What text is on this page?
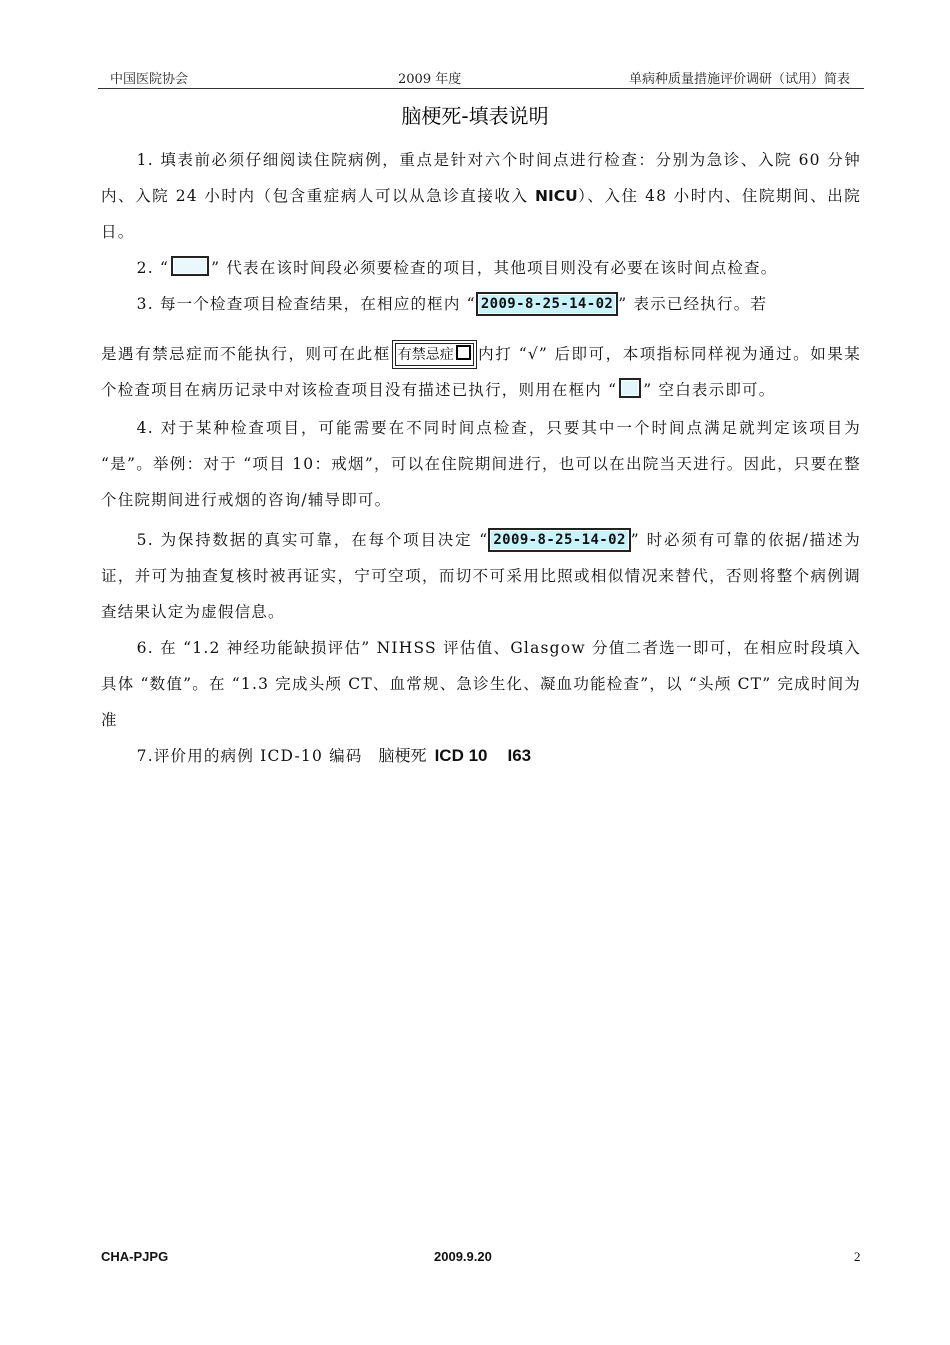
中国医院协会	2009 年度	单病种质量措施评价调研（试用）简表
脑梗死-填表说明

1. 填表前必须仔细阅读住院病例，重点是针对六个时间点进行检查：分别为急诊、入院 60 分钟内、入院 24 小时内（包含重症病人可以从急诊直接收入 NICU）、入住 48 小时内、住院期间、出院日。

2. “	” 代表在该时间段必须要检查的项目，其他项目则没有必要在该时间点检查。

3. 每一个检查项目检查结果，在相应的框内 “ 2009-8-25-14-02 ” 表示已经执行。若
是遇有禁忌症而不能执行，则可在此框 有禁忌症 内打 “√” 后即可，本项指标同样视为通过。如果某个检查项目在病历记录中对该检查项目没有描述已执行，则用在框内 “ ” 空白表示即可。

4. 对于某种检查项目，可能需要在不同时间点检查，只要其中一个时间点满足就判定该项目为 “是”。举例：对于 “项目 10：戒烟”，可以在住院期间进行，也可以在出院当天进行。因此，只要在整个住院期间进行戒烟的咨询/辅导即可。

5. 为保持数据的真实可靠，在每个项目决定 “ 2009-8-25-14-02 ” 时必须有可靠的依据/描述为证，并可为抽查复核时被再证实，宁可空项，而切不可采用比照或相似情况来替代，否则将整个病例调查结果认定为虚假信息。

6. 在 “1.2 神经功能缺损评估” NIHSS 评估值、Glasgow 分值二者选一即可，在相应时段填入具体 “数值”。在 “1.3 完成头颅 CT、血常规、急诊生化、凝血功能检查”，以 “头颅 CT” 完成时间为准

7.评价用的病例 ICD-10 编码 脑梗死 ICD 10 I63

CHA-PJPG	2009.9.20	2
